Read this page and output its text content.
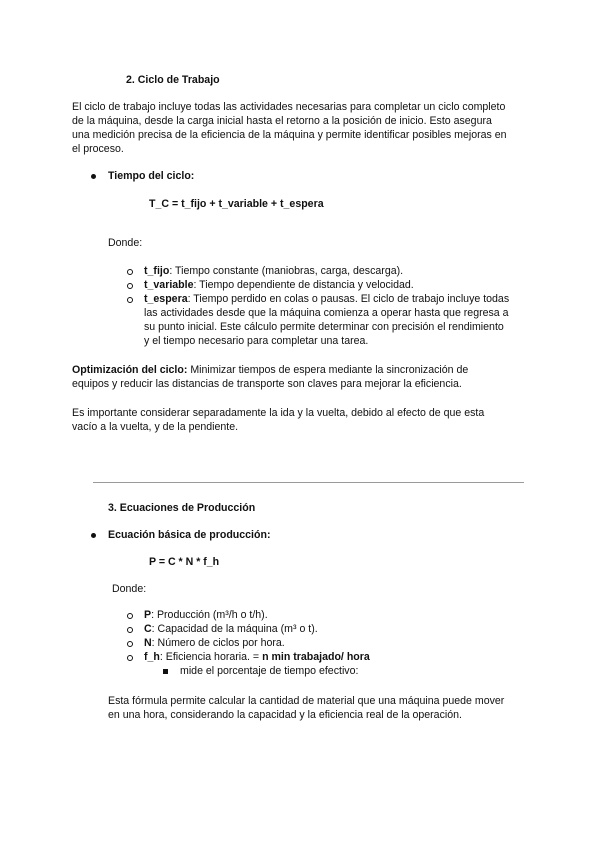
2. Ciclo de Trabajo
El ciclo de trabajo incluye todas las actividades necesarias para completar un ciclo completo
de la máquina, desde la carga inicial hasta el retorno a la posición de inicio. Esto asegura
una medición precisa de la eficiencia de la máquina y permite identificar posibles mejoras en
el proceso.
Tiempo del ciclo:
T_C = t_fijo + t_variable + t_espera
Donde:
t_fijo: Tiempo constante (maniobras, carga, descarga).
t_variable: Tiempo dependiente de distancia y velocidad.
t_espera: Tiempo perdido en colas o pausas. El ciclo de trabajo incluye todas
las actividades desde que la máquina comienza a operar hasta que regresa a
su punto inicial. Este cálculo permite determinar con precisión el rendimiento
y el tiempo necesario para completar una tarea.
Optimización del ciclo: Minimizar tiempos de espera mediante la sincronización de
equipos y reducir las distancias de transporte son claves para mejorar la eficiencia.
Es importante considerar separadamente la ida y la vuelta, debido al efecto de que esta
vacío a la vuelta, y de la pendiente.
3. Ecuaciones de Producción
Ecuación básica de producción:
P = C * N * f_h
Donde:
P: Producción (m³/h o t/h).
C: Capacidad de la máquina (m³ o t).
N: Número de ciclos por hora.
f_h: Eficiencia horaria. = n min trabajado/ hora
mide el porcentaje de tiempo efectivo:
Esta fórmula permite calcular la cantidad de material que una máquina puede mover
en una hora, considerando la capacidad y la eficiencia real de la operación.
